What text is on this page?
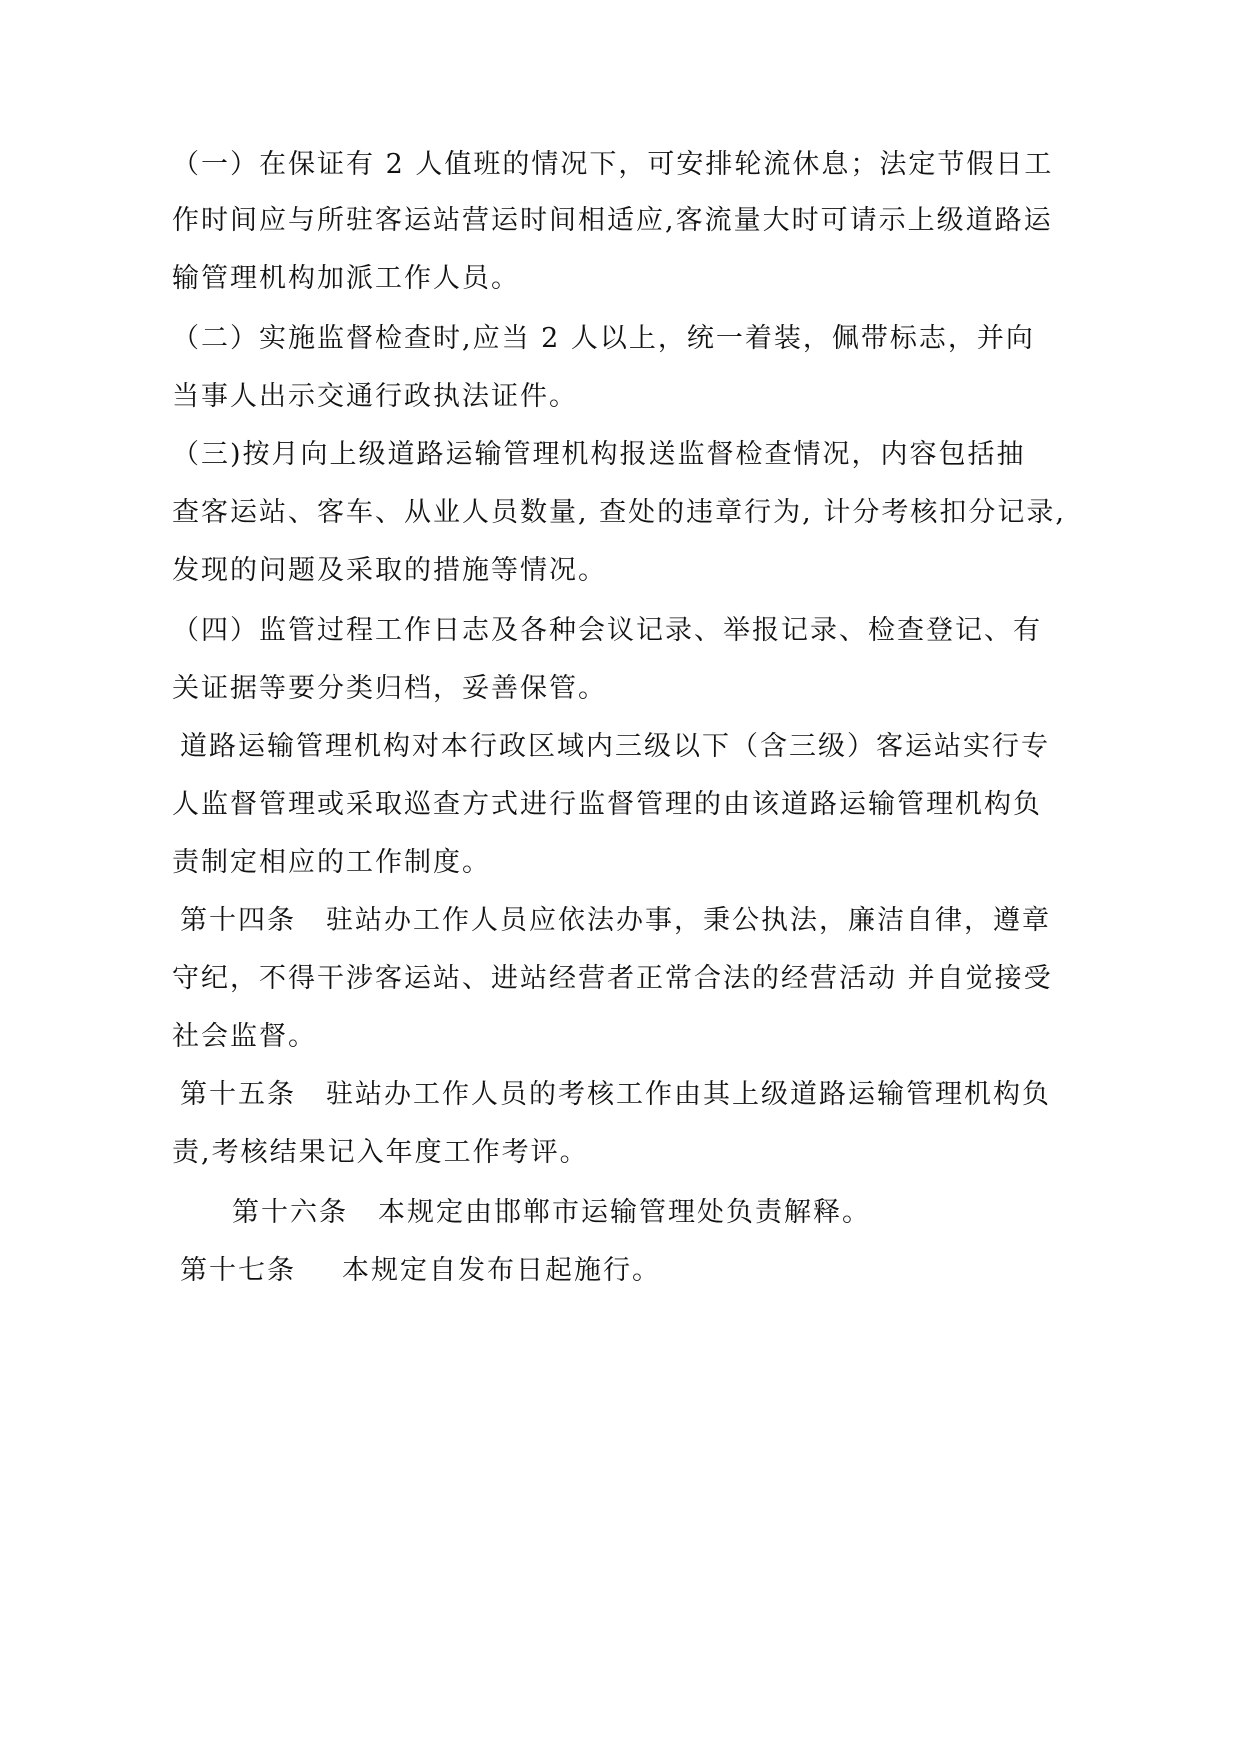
（一）在保证有 2 人值班的情况下，可安排轮流休息；法定节假日工
作时间应与所驻客运站营运时间相适应,客流量大时可请示上级道路运
输管理机构加派工作人员。
（二）实施监督检查时,应当 2 人以上，统一着装，佩带标志，并向
当事人出示交通行政执法证件。
（三)按月向上级道路运输管理机构报送监督检查情况，内容包括抽
查客运站、客车、从业人员数量, 查处的违章行为, 计分考核扣分记录,
发现的问题及采取的措施等情况。
（四）监管过程工作日志及各种会议记录、举报记录、检查登记、有
关证据等要分类归档，妥善保管。
道路运输管理机构对本行政区域内三级以下（含三级）客运站实行专
人监督管理或采取巡查方式进行监督管理的由该道路运输管理机构负
责制定相应的工作制度。
第十四条 驻站办工作人员应依法办事，秉公执法，廉洁自律，遵章
守纪，不得干涉客运站、进站经营者正常合法的经营活动 并自觉接受
社会监督。
第十五条 驻站办工作人员的考核工作由其上级道路运输管理机构负
责,考核结果记入年度工作考评。
第十六条 本规定由邯郸市运输管理处负责解释。
第十七条 本规定自发布日起施行。
